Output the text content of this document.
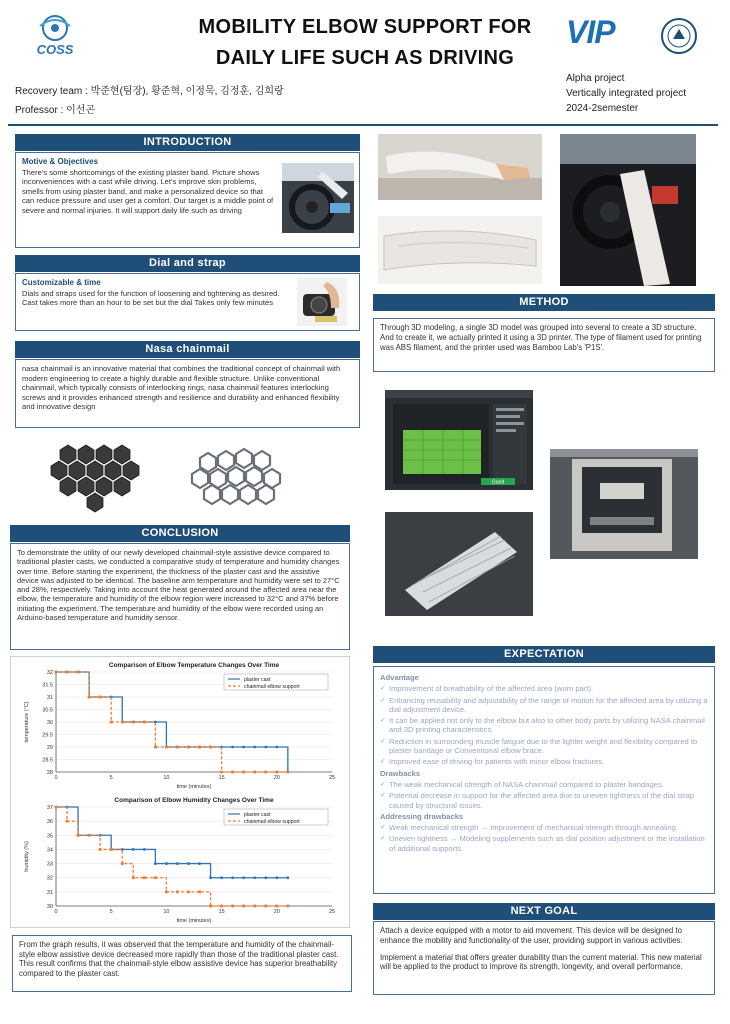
COSS
MOBILITY ELBOW SUPPORT FOR
DAILY LIFE SUCH AS DRIVING
VIP
Recovery team : 박준현(팀장), 황준혁, 이정묵, 김정훈, 김희랑
Professor : 이선곤
Alpha project
Vertically integrated project
2024-2semester
INTRODUCTION
Motive & Objectives
There's some shortcomings of the existing plaster band. Picture shows inconveniences with a cast while driving. Let's improve skin problems, smells from using plaster band, and make a personalized device so that can reduce pressure and user get a comfort. Our target is a middle point of severe and normal injuries. It will support daily life such as driving
Dial and strap
Customizable & time
Dials and straps used for the function of loosening and tightening as desired. Cast takes more than an hour to be set but the dial Takes only few minutes
Nasa chainmail
nasa chainmail is an innovative material that combines the traditional concept of chainmail with modern engineering to create a highly durable and flexible structure. Unlike conventional chainmail, which typically consists of interlocking rings, nasa chainmail features interlocking screws and it provides enhanced strength and resilience and durability and enhanced flexibility and innovative design
CONCLUSION
To demonstrate the utility of our newly developed chainmail-style assistive device compared to traditional plaster casts, we conducted a comparative study of temperature and humidity changes over time. Before starting the experiment, the thickness of the plaster cast and the assistive device was adjusted to be identical. The baseline arm temperature and humidity were set to 27°C and 28%, respectively. Taking into account the heat generated around the affected area near the elbow, the temperature and humidity of the elbow region were increased to 32°C and 37% before initiating the experiment. The temperature and humidity of the elbow were recorded using an Arduino-based temperature and humidity sensor.
Comparison of Elbow Temperature Changes Over Time
28
28.5
29
29.5
30
30.5
31
31.5
32
0	5	10	15	20	25
time (minutes)
temperature (°C)
plaster cast
chainmail elbow support
Comparison of Elbow Humidity Changes Over Time
30
31
32
33
34
35
36
37
0	5	10	15	20	25
time (minutes)
humidity (%)
plaster cast
chainmail elbow support
From the graph results, it was observed that the temperature and humidity of the chainmail-style elbow assistive device decreased more rapidly than those of the traditional plaster cast. This result confirms that the chainmail-style elbow assistive device has superior breathability compared to the plaster cast.
METHOD
Through 3D modeling, a single 3D model was grouped into several to create a 3D structure. And to create it, we actually printed it using a 3D printer. The type of filament used for printing was ABS filament, and the printer used was Bamboo Lab's 'P1S'.
Good
EXPECTATION
Advantage
✓ Improvement of breathability of the affected area (worn part).
✓ Enhancing reusability and adjustability of the range of motion for the affected area by utilizing a dial adjustment device.
✓ It can be applied not only to the elbow but also to other body parts by utilizing NASA chainmail and 3D printing characteristics.
✓ Reduction in surrounding muscle fatigue due to the lighter weight and flexibility compared to plaster bandage or Conventional elbow brace.
✓ Improved ease of driving for patients with minor elbow fractures.
Drawbacks
✓ The weak mechanical strength of NASA chainmail compared to plaster bandages.
✓ Potential decrease in support for the affected area due to uneven tightness of the dial strap caused by structural issues.
Addressing drawbacks
✓ Weak mechanical strength → Improvement of mechanical strength through annealing.
✓ Uneven tightness → Modeling supplements such as dial position adjustment or the installation of additional supports.
NEXT GOAL
Attach a device equipped with a motor to aid movement. This device will be designed to enhance the mobility and functionality of the user, providing support in various activities.
Implement a material that offers greater durability than the current material. This new material will be applied to the product to improve its strength, longevity, and overall performance.
